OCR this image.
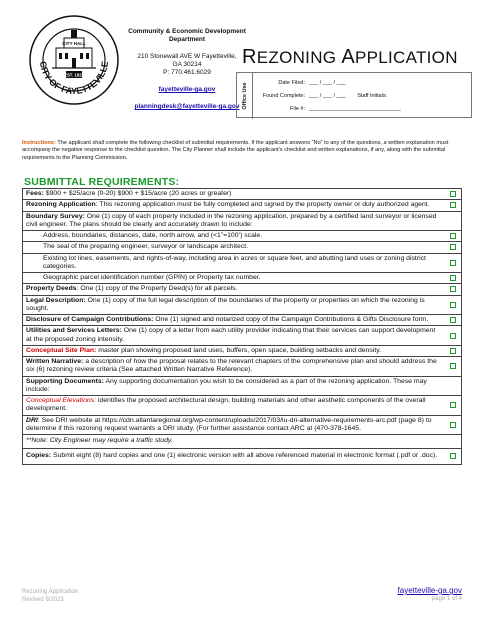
CITY OF FAYETTEVILLE
CITY HALL
EST. 1823
Community & Economic Development Department
210 Stonewall AVE W Fayetteville,
GA 30214
P: 770.461.6029
fayetteville-ga.gov
planningdesk@fayetteville-ga.gov
REZONING APPLICATION
Office Use	Date Filed: ___ / ___ / ___
Found Complete: ___ / ___ / ___ Staff Initials:
File #: ______________________________
Instructions: The applicant shall complete the following checklist of submittal requirements. If the applicant answers “No” to any of the questions, a written explanation must accompany the negative response to the checklist question. The City Planner shall include the applicant’s checklist and written explanations, if any, along with the submittal requirements to the Planning Commission.
SUBMITTAL REQUIREMENTS:
Fees: $900 + $25/acre (0-20) $900 + $15/acre (20 acres or greater)
Rezoning Application: This rezoning application must be fully completed and signed by the property owner or duly authorized agent.
Boundary Survey: One (1) copy of each property included in the rezoning application, prepared by a certified land surveyor or licensed civil engineer. The plans should be clearly and accurately drawn to include:
Address, boundaries, distances, date, north arrow, and (<1”=100’) scale.
The seal of the preparing engineer, surveyor or landscape architect.
Existing lot lines, easements, and rights-of-way, including area in acres or square feet, and abutting land uses or zoning district categories.
Geographic parcel identification number (GPIN) or Property tax number.
Property Deeds: One (1) copy of the Property Deed(s) for all parcels.
Legal Description: One (1) copy of the full legal description of the boundaries of the property or properties on which the rezoning is sought.
Disclosure of Campaign Contributions: One (1) signed and notarized copy of the Campaign Contributions & Gifts Disclosure form.
Utilities and Services Letters: One (1) copy of a letter from each utility provider indicating that their services can support development at the proposed zoning intensity.
Conceptual Site Plan: master plan showing proposed land uses, buffers, open space, building setbacks and density.
Written Narrative: a description of how the proposal relates to the relevant chapters of the comprehensive plan and should address the six (6) rezoning review criteria (See attached Written Narrative Reference).
Supporting Documents: Any supporting documentation you wish to be considered as a part of the rezoning application. These may include:
Conceptual Elevations: identifies the proposed architectural design, building materials and other aesthetic components of the overall development.
DRI: See DRI website at https://cdn.atlantaregional.org/wp-content/uploads/2017/03/lu-dri-alternative-requirements-arc.pdf (page 8) to determine if this rezoning request warrants a DRI study. (For further assistance contact ARC at (470-378-1645.
**Note: City Engineer may require a traffic study.
Copies: Submit eight (8) hard copies and one (1) electronic version with all above referenced material in electronic format (.pdf or .doc).
Rezoning Application
Revised 9/2023
fayetteville-ga.gov
page 1 of 4
